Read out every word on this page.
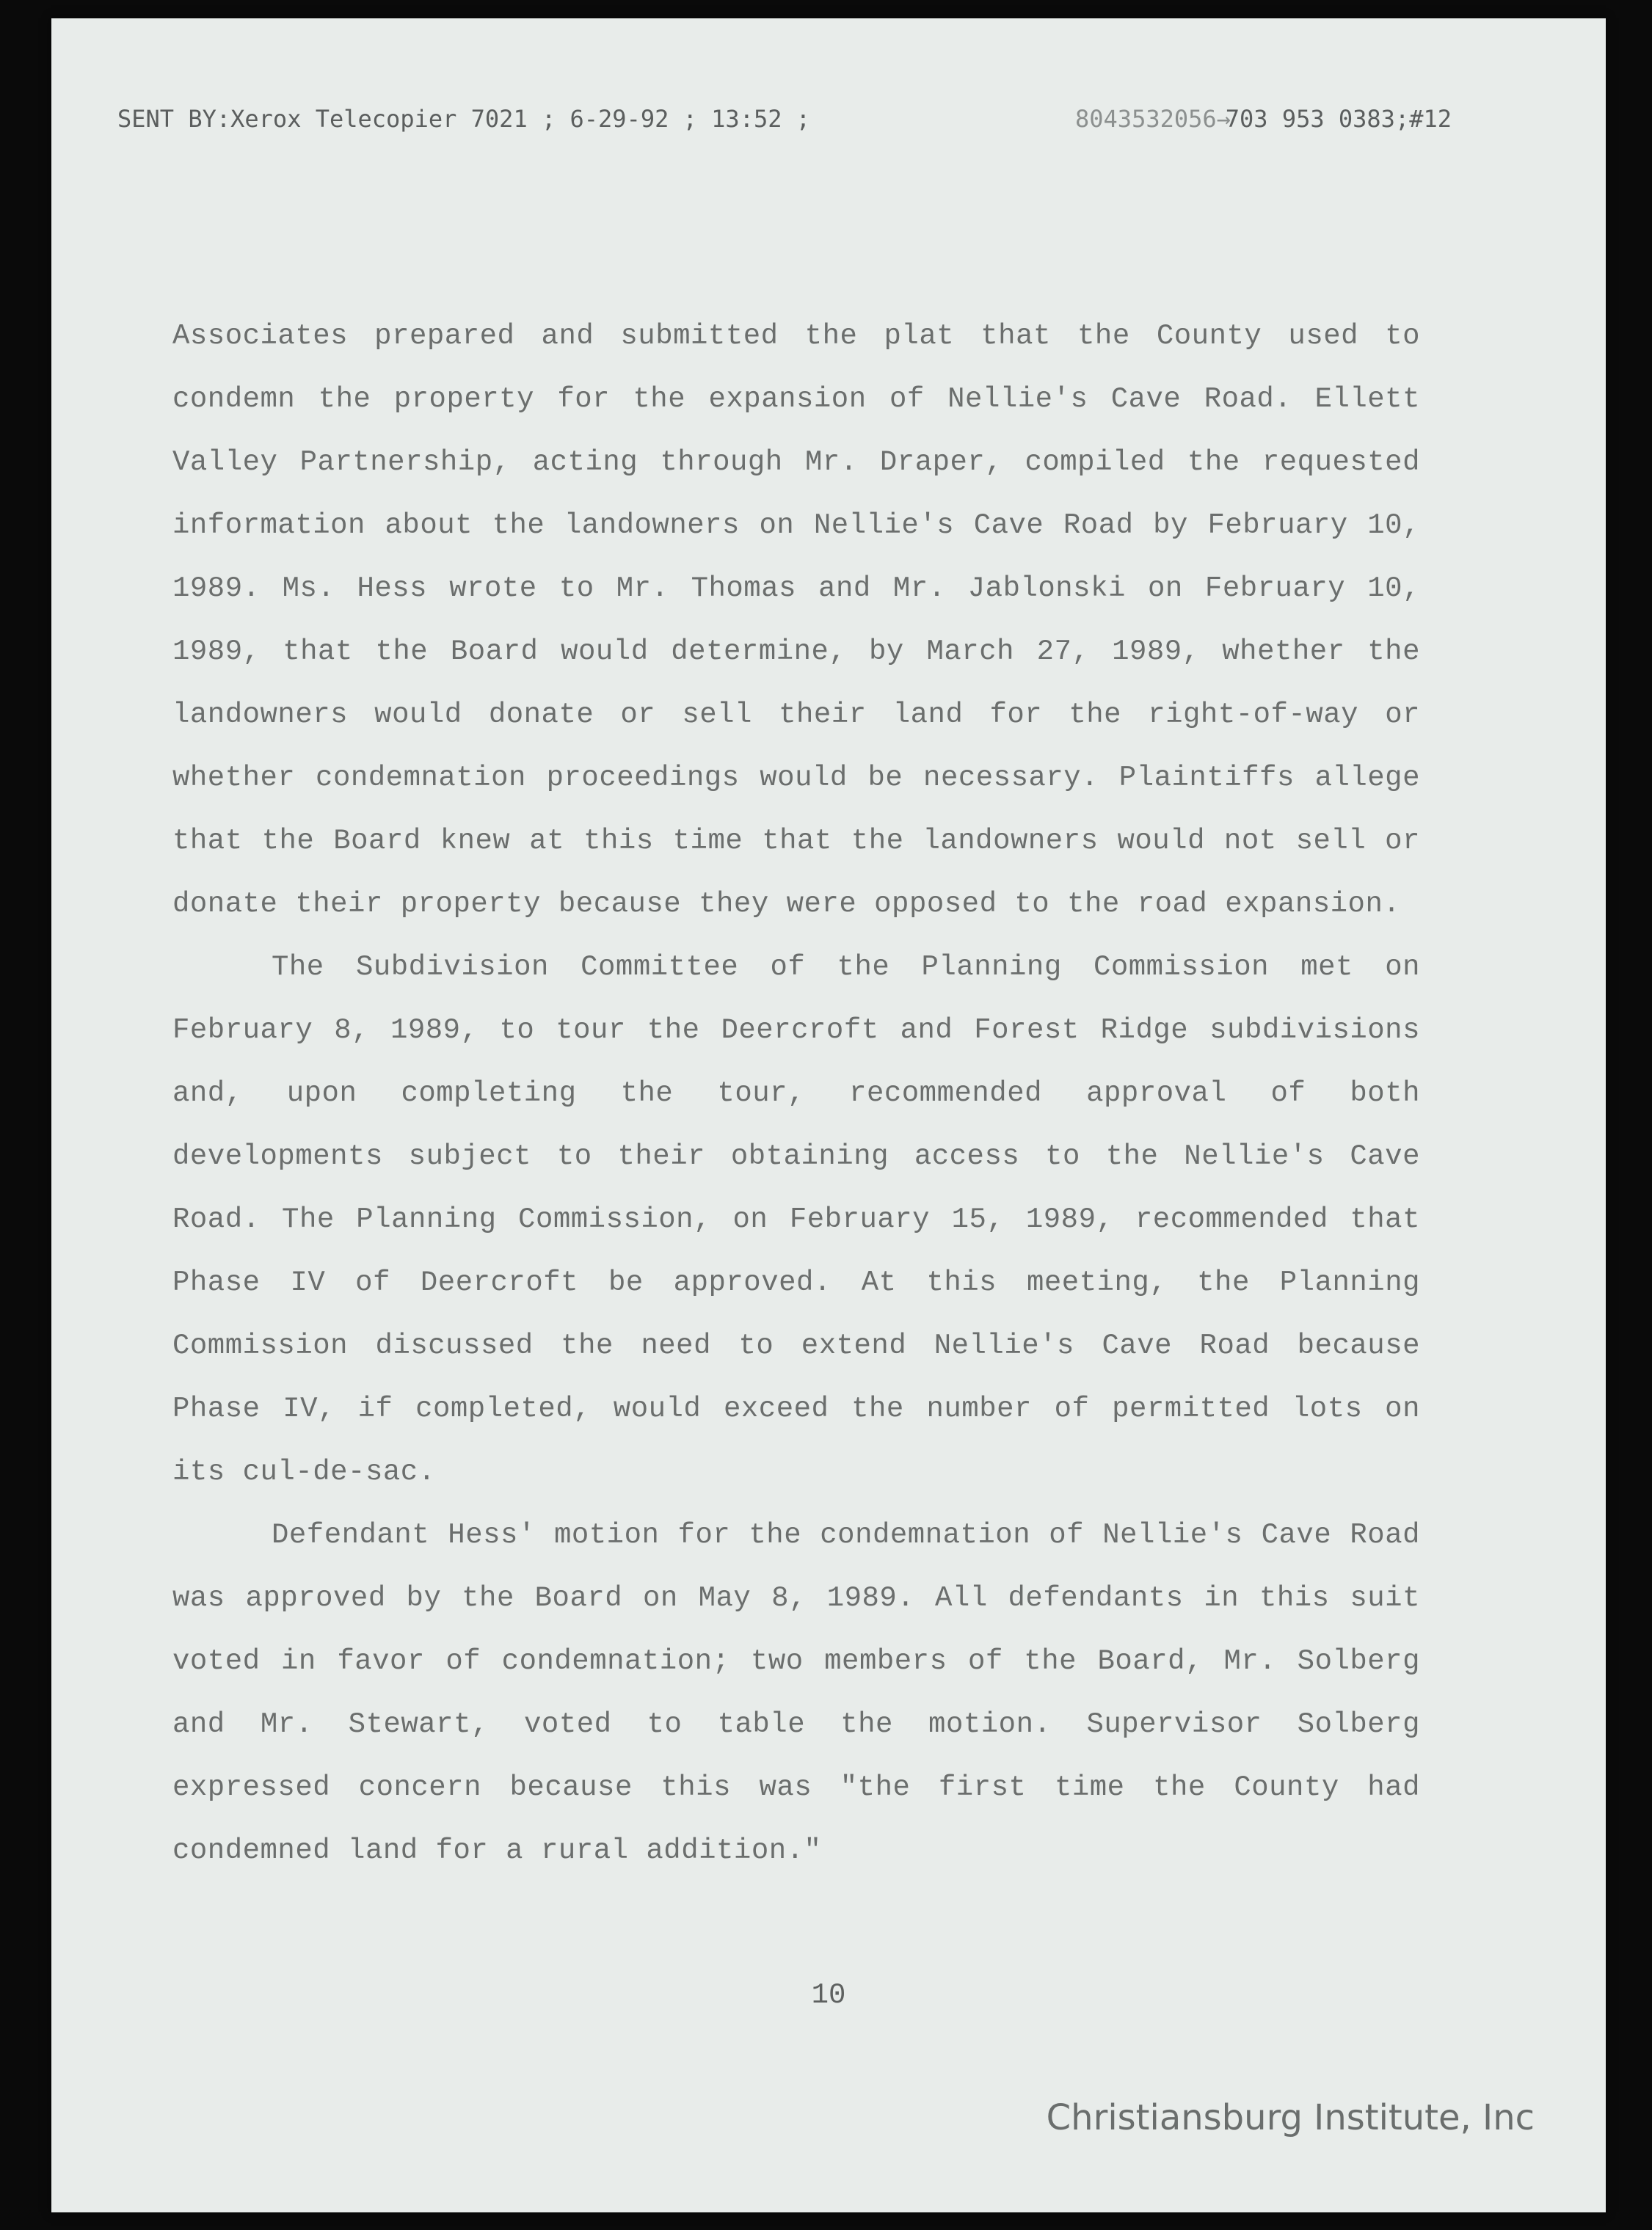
SENT BY:Xerox Telecopier 7021 ; 6-29-92 ; 13:52 ;	8043532056→
703 953 0383;#12

Associates prepared and submitted the plat that the County used to condemn the property for the expansion of Nellie's Cave Road. Ellett Valley Partnership, acting through Mr. Draper, compiled the requested information about the landowners on Nellie's Cave Road by February 10, 1989. Ms. Hess wrote to Mr. Thomas and Mr. Jablonski on February 10, 1989, that the Board would determine, by March 27, 1989, whether the landowners would donate or sell their land for the right-of-way or whether condemnation proceedings would be necessary. Plaintiffs allege that the Board knew at this time that the landowners would not sell or donate their property because they were opposed to the road expansion.

The Subdivision Committee of the Planning Commission met on February 8, 1989, to tour the Deercroft and Forest Ridge subdivisions and, upon completing the tour, recommended approval of both developments subject to their obtaining access to the Nellie's Cave Road. The Planning Commission, on February 15, 1989, recommended that Phase IV of Deercroft be approved. At this meeting, the Planning Commission discussed the need to extend Nellie's Cave Road because Phase IV, if completed, would exceed the number of permitted lots on its cul-de-sac.

Defendant Hess' motion for the condemnation of Nellie's Cave Road was approved by the Board on May 8, 1989. All defendants in this suit voted in favor of condemnation; two members of the Board, Mr. Solberg and Mr. Stewart, voted to table the motion. Supervisor Solberg expressed concern because this was "the first time the County had condemned land for a rural addition."

10
Christiansburg Institute, Inc
